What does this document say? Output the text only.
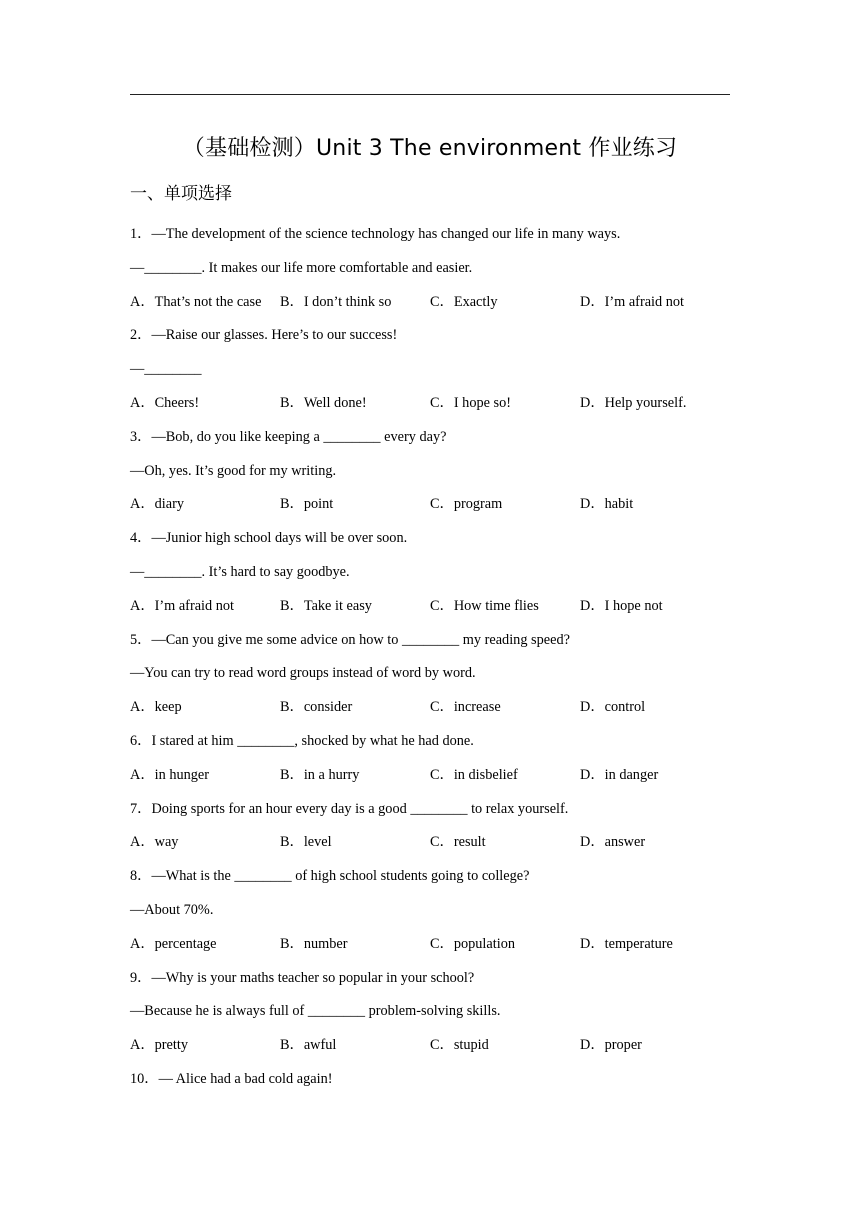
（基础检测）Unit 3 The environment 作业练习
一、单项选择
1．—The development of the science technology has changed our life in many ways.
—________. It makes our life more comfortable and easier.
A．That’s not the case	B．I don’t think so	C．Exactly	D．I’m afraid not
2．—Raise our glasses. Here’s to our success!
—________
A．Cheers!	B．Well done!	C．I hope so!	D．Help yourself.
3．—Bob, do you like keeping a ________ every day?
—Oh, yes. It’s good for my writing.
A．diary	B．point	C．program	D．habit
4．—Junior high school days will be over soon.
—________. It’s hard to say goodbye.
A．I’m afraid not	B．Take it easy	C．How time flies	D．I hope not
5．—Can you give me some advice on how to ________ my reading speed?
—You can try to read word groups instead of word by word.
A．keep	B．consider	C．increase	D．control
6．I stared at him ________, shocked by what he had done.
A．in hunger	B．in a hurry	C．in disbelief	D．in danger
7．Doing sports for an hour every day is a good ________ to relax yourself.
A．way	B．level	C．result	D．answer
8．—What is the ________ of high school students going to college?
—About 70%.
A．percentage	B．number	C．population	D．temperature
9．—Why is your maths teacher so popular in your school?
—Because he is always full of ________ problem-solving skills.
A．pretty	B．awful	C．stupid	D．proper
10．— Alice had a bad cold again!
